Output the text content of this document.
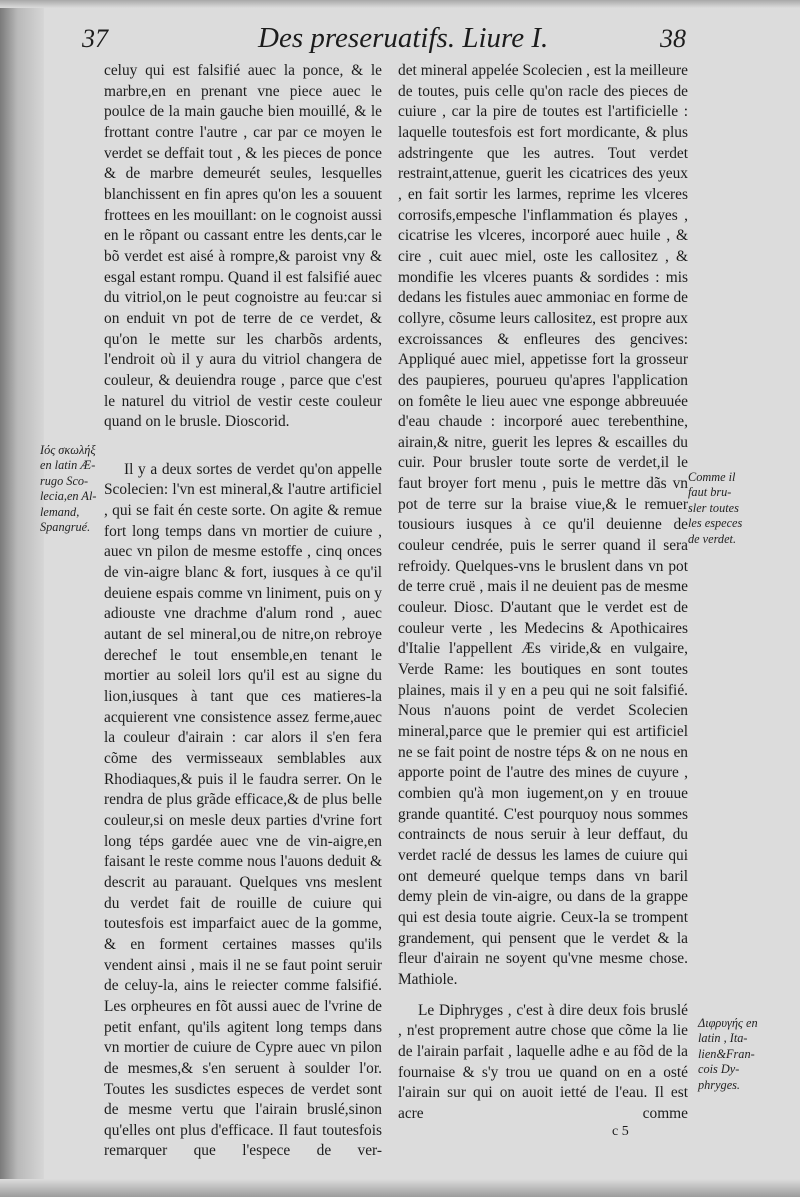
37	Des preseruatifs. Liure I.	38

celuy qui est falsifié auec la ponce, & le marbre,en en prenant vne piece auec le poulce de la main gauche bien mouillé, & le frottant contre l'autre , car par ce moyen le verdet se deffait tout , & les pieces de ponce & de marbre demeurét seules, lesquelles blanchissent en fin apres qu'on les a souuent frottees en les mouillant: on le cognoist aussi en le rõpant ou cassant entre les dents,car le bõ verdet est aisé à rompre,& paroist vny & esgal estant rompu. Quand il est falsifié auec du vitriol,on le peut cognoistre au feu:car si on enduit vn pot de terre de ce verdet, & qu'on le mette sur les charbõs ardents, l'endroit où il y aura du vitriol changera de couleur, & deuiendra rouge , parce que c'est le naturel du vitriol de vestir ceste couleur quand on le brusle. Dioscorid.

Il y a deux sortes de verdet qu'on appelle Scolecien: l'vn est mineral,& l'autre artificiel , qui se fait én ceste sorte. On agite & remue fort long temps dans vn mortier de cuiure , auec vn pilon de mesme estoffe , cinq onces de vin-aigre blanc & fort, iusques à ce qu'il deuiene espais comme vn liniment, puis on y adiouste vne drachme d'alum rond , auec autant de sel mineral,ou de nitre,on rebroye derechef le tout ensemble,en tenant le mortier au soleil lors qu'il est au signe du lion,iusques à tant que ces matieres-la acquierent vne consistence assez ferme,auec la couleur d'airain : car alors il s'en fera cõme des vermisseaux semblables aux Rhodiaques,& puis il le faudra serrer. On le rendra de plus grãde efficace,& de plus belle couleur,si on mesle deux parties d'vrine fort long téps gardée auec vne de vin-aigre,en faisant le reste comme nous l'auons deduit & descrit au parauant. Quelques vns meslent du verdet fait de rouille de cuiure qui toutesfois est imparfaict auec de la gomme, & en forment certaines masses qu'ils vendent ainsi , mais il ne se faut point seruir de celuy-la, ains le reiecter comme falsifié. Les orpheures en fõt aussi auec de l'vrine de petit enfant, qu'ils agitent long temps dans vn mortier de cuiure de Cypre auec vn pilon de mesmes,& s'en seruent à soulder l'or. Toutes les susdictes especes de verdet sont de mesme vertu que l'airain bruslé,sinon qu'elles ont plus d'efficace. Il faut toutesfois remarquer que l'espece de ver-

det mineral appelée Scolecien , est la meilleure de toutes, puis celle qu'on racle des pieces de cuiure , car la pire de toutes est l'artificielle : laquelle toutesfois est fort mordicante, & plus adstringente que les autres. Tout verdet restraint,attenue, guerit les cicatrices des yeux , en fait sortir les larmes, reprime les vlceres corrosifs,empesche l'inflammation és playes , cicatrise les vlceres, incorporé auec huile , & cire , cuit auec miel, oste les callositez , & mondifie les vlceres puants & sordides : mis dedans les fistules auec ammoniac en forme de collyre, cõsume leurs callositez, est propre aux excroissances & enfleures des gencives: Appliqué auec miel, appetisse fort la grosseur des paupieres, pourueu qu'apres l'application on fomête le lieu auec vne esponge abbreuuée d'eau chaude : incorporé auec terebenthine, airain,& nitre, guerit les lepres & escailles du cuir. Pour brusler toute sorte de verdet,il le faut broyer fort menu , puis le mettre dãs vn pot de terre sur la braise viue,& le remuer tousiours iusques à ce qu'il deuienne de couleur cendrée, puis le serrer quand il sera refroidy. Quelques-vns le bruslent dans vn pot de terre cruë , mais il ne deuient pas de mesme couleur. Diosc. D'autant que le verdet est de couleur verte , les Medecins & Apothicaires d'Italie l'appellent Æs viride,& en vulgaire, Verde Rame: les boutiques en sont toutes plaines, mais il y en a peu qui ne soit falsifié. Nous n'auons point de verdet Scolecien mineral,parce que le premier qui est artificiel ne se fait point de nostre téps & on ne nous en apporte point de l'autre des mines de cuyure , combien qu'à mon iugement,on y en trouue grande quantité. C'est pourquoy nous sommes contraincts de nous seruir à leur deffaut, du verdet raclé de dessus les lames de cuiure qui ont demeuré quelque temps dans vn baril demy plein de vin-aigre, ou dans de la grappe qui est desia toute aigrie. Ceux-la se trompent grandement, qui pensent que le verdet & la fleur d'airain ne soyent qu'vne mesme chose. Mathiole.

Le Diphryges , c'est à dire deux fois bruslé , n'est proprement autre chose que cõme la lie de l'airain parfait , laquelle adhe e au fõd de la fournaise & s'y trou ue quand on en a osté l'airain sur qui on auoit ietté de l'eau. Il est acre comme

Ιός σκωλήξ
en latin Æ-
rugo Sco-
lecia,en Al-
lemand,
Spangrué.
Comme il
faut bru-
sler toutes
les especes
de verdet.
Διφρυγής en
latin , Ita-
lien&Fran-
cois Dy-
phryges.
c 5
